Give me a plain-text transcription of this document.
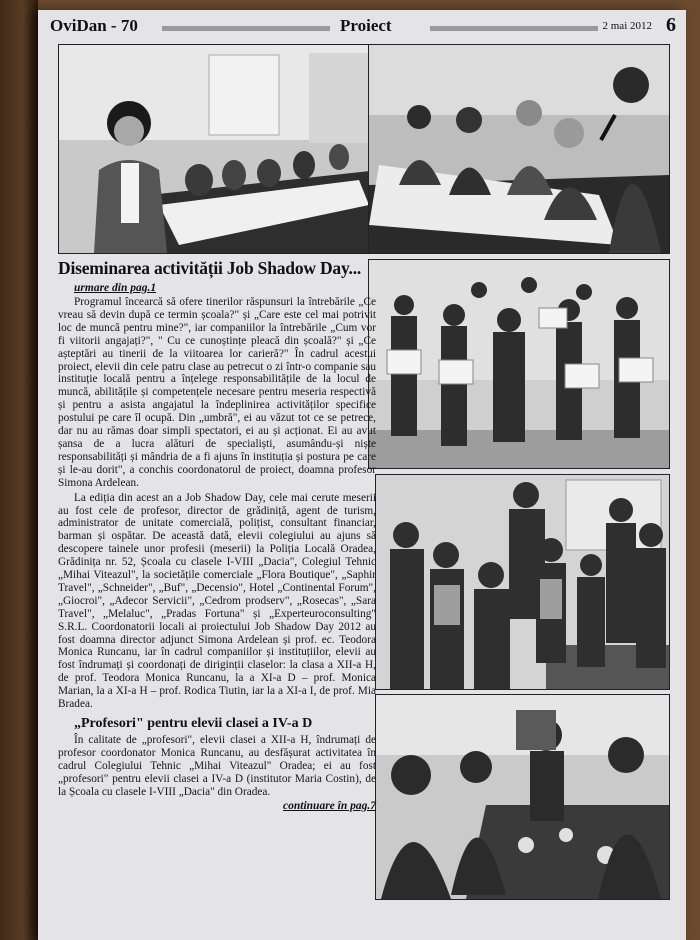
OviDan - 70	Proiect	2 mai 2012 6
Diseminarea activității Job Shadow Day...
urmare din pag.1

Programul încearcă să ofere tinerilor răspunsuri la întrebările „Ce vreau să devin după ce termin școala?" și „Care este cel mai potrivit loc de muncă pentru mine?", iar companiilor la întrebările „Cum vor fi viitorii angajați?", " Cu ce cunoștințe pleacă din școală?" și „Ce așteptări au tinerii de la viitoarea lor carieră?" În cadrul acestui proiect, elevii din cele patru clase au petrecut o zi într-o companie sau instituție locală pentru a înțelege responsabilitățile de la locul de muncă, abilitățile și competențele necesare pentru meseria respectivă și pentru a asista angajatul la îndeplinirea activităților specifice postului pe care îl ocupă. Din „umbră", ei au văzut tot ce se petrece, dar nu au rămas doar simpli spectatori, ei au și acționat. Ei au avut șansa de a lucra alături de specialiști, asumându-și niște responsabilități și mândria de a fi ajuns în instituția și postura pe care și le-au dorit", a conchis coordonatorul de proiect, doamna profesor Simona Ardelean.

La ediția din acest an a Job Shadow Day, cele mai cerute meserii au fost cele de profesor, director de grădiniță, agent de turism, administrator de unitate comercială, polițist, consultant financiar, barman și ospătar. De această dată, elevii colegiului au ajuns să descopere tainele unor profesii (meserii) la Poliția Locală Oradea, Grădinița nr. 52, Școala cu clasele I-VIII „Dacia", Colegiul Tehnic „Mihai Viteazul", la societățile comerciale „Flora Boutique", „Saphir Travel", „Schneider", „Buf", „Decensio", Hotel „Continental Forum", „Giocroi", „Adecor Servicii", „Cedrom prodserv", „Rosecas", „Sara Travel", „Melaluc", „Pradas Fortuna" și „Experteuroconsulting" S.R.L. Coordonatorii locali ai proiectului Job Shadow Day 2012 au fost doamna director adjunct Simona Ardelean și prof. ec. Teodora Monica Runcanu, iar în cadrul companiilor și instituțiilor, elevii au fost îndrumați și coordonați de diriginții claselor: la clasa a XII-a H, de prof. Teodora Monica Runcanu, la a XI-a D – prof. Monica Marian, la a XI-a H – prof. Rodica Tiutin, iar la a XI-a I, de prof. Mia Bradea.

„Profesori" pentru elevii clasei a IV-a D

În calitate de „profesori", elevii clasei a XII-a H, îndrumați de profesor coordonator Monica Runcanu, au desfășurat activitatea în cadrul Colegiului Tehnic „Mihai Viteazul" Oradea; ei au fost „profesori" pentru elevii clasei a IV-a D (institutor Maria Costin), de la Școala cu clasele I-VIII „Dacia" din Oradea.

continuare în pag.7
